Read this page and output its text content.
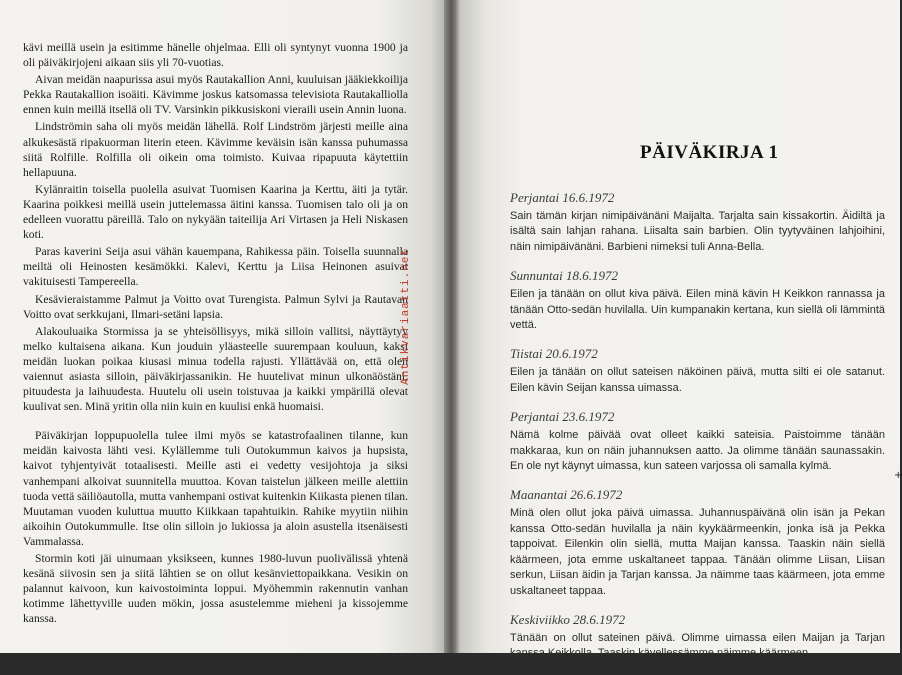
kävi meillä usein ja esitimme hänelle ohjelmaa. Elli oli syntynyt vuonna 1900 ja oli päiväkirjojeni aikaan siis yli 70-vuotias.

Aivan meidän naapurissa asui myös Rautakallion Anni, kuuluisan jääkiekkoilija Pekka Rautakallion isoäiti. Kävimme joskus katsomassa televisiota Rautakalliolla ennen kuin meillä itsellä oli TV. Varsinkin pikkusiskoni vieraili usein Annin luona.

Lindströmin saha oli myös meidän lähellä. Rolf Lindström järjesti meille aina alkukesästä ripakuorman literin eteen. Kävimme keväisin isän kanssa puhumassa siitä Rolfille. Rolfilla oli oikein oma toimisto. Kuivaa ripapuuta käytettiin hellapuuna.

Kylänraitin toisella puolella asuivat Tuomisen Kaarina ja Kerttu, äiti ja tytär. Kaarina poikkesi meillä usein juttelemassa äitini kanssa. Tuomisen talo oli ja on edelleen vuorattu päreillä. Talo on nykyään taiteilija Ari Virtasen ja Heli Niskasen koti.

Paras kaverini Seija asui vähän kauempana, Rahikessa päin. Toisella suunnalla meiltä oli Heinosten kesämökki. Kalevi, Kerttu ja Liisa Heinonen asuivat vakituisesti Tampereella.

Kesävieraistamme Palmut ja Voitto ovat Turengista. Palmun Sylvi ja Rautavan Voitto ovat serkkujani, Ilmari-setäni lapsia.

Alakouluaika Stormissa ja se yhteisöllisyys, mikä silloin vallitsi, näyttäytyy melko kultaisena aikana. Kun jouduin yläasteelle suurempaan kouluun, kaksi meidän luokan poikaa kiusasi minua todella rajusti. Yllättävää on, että olen vaiennut asiasta silloin, päiväkirjassanikin. He huutelivat minun ulkonäöstäni, pituudesta ja laihuudesta. Huutelu oli usein toistuvaa ja kaikki ympärillä olevat kuulivat sen. Minä yritin olla niin kuin en kuulisi enkä huomaisi.

Päiväkirjan loppupuolella tulee ilmi myös se katastrofaalinen tilanne, kun meidän kaivosta lähti vesi. Kylällemme tuli Outokummun kaivos ja hupsista, kaivot tyhjentyivät totaalisesti. Meille asti ei vedetty vesijohtoja ja siksi vanhempani alkoivat suunnitella muuttoa. Kovan taistelun jälkeen meille alettiin tuoda vettä säiliöautolla, mutta vanhempani ostivat kuitenkin Kiikasta pienen tilan. Muutaman vuoden kuluttua muutto Kiikkaan tapahtuikin. Rahike myytiin niihin aikoihin Outokummulle. Itse olin silloin jo lukiossa ja aloin asustella itsenäisesti Vammalassa.

Stormin koti jäi uinumaan yksikseen, kunnes 1980-luvun puolivälissä yhtenä kesänä siivosin sen ja siitä lähtien se on ollut kesänviettopaikkana. Vesikin on palannut kaivoon, kun kaivostoiminta loppui. Myöhemmin rakennutin vanhan kotimme lähettyville uuden mökin, jossa asustelemme mieheni ja kissojemme kanssa.

Antikvariaatti.net
PÄIVÄKIRJA 1
Perjantai 16.6.1972
Sain tämän kirjan nimipäivänäni Maijalta. Tarjalta sain kissakortin. Äidiltä ja isältä sain lahjan rahana. Liisalta sain barbien. Olin tyytyväinen lahjoihini, näin nimipäivänäni. Barbieni nimeksi tuli Anna-Bella.
Sunnuntai 18.6.1972
Eilen ja tänään on ollut kiva päivä. Eilen minä kävin H Keikkon rannassa ja tänään Otto-sedän huvilalla. Uin kumpanakin kertana, kun siellä oli lämmintä vettä.
Tiistai 20.6.1972
Eilen ja tänään on ollut sateisen näköinen päivä, mutta silti ei ole satanut. Eilen kävin Seijan kanssa uimassa.
Perjantai 23.6.1972
Nämä kolme päivää ovat olleet kaikki sateisia. Paistoimme tänään makkaraa, kun on näin juhannuksen aatto. Ja olimme tänään saunassakin. En ole nyt käynyt uimassa, kun sateen varjossa oli samalla kylmä.
Maanantai 26.6.1972
Minä olen ollut joka päivä uimassa. Juhannuspäivänä olin isän ja Pekan kanssa Otto-sedän huvilalla ja näin kyykäärmeenkin, jonka isä ja Pekka tappoivat. Eilenkin olin siellä, mutta Maijan kanssa. Taaskin näin siellä käärmeen, jota emme uskaltaneet tappaa. Tänään olimme Liisan, Liisan serkun, Liisan äidin ja Tarjan kanssa. Ja näimme taas käärmeen, jota emme uskaltaneet tappaa.
Keskiviikko 28.6.1972
Tänään on ollut sateinen päivä. Olimme uimassa eilen Maijan ja Tarjan kanssa Keikkolla. Taaskin kävellessämme näimme käärmeen.
+
